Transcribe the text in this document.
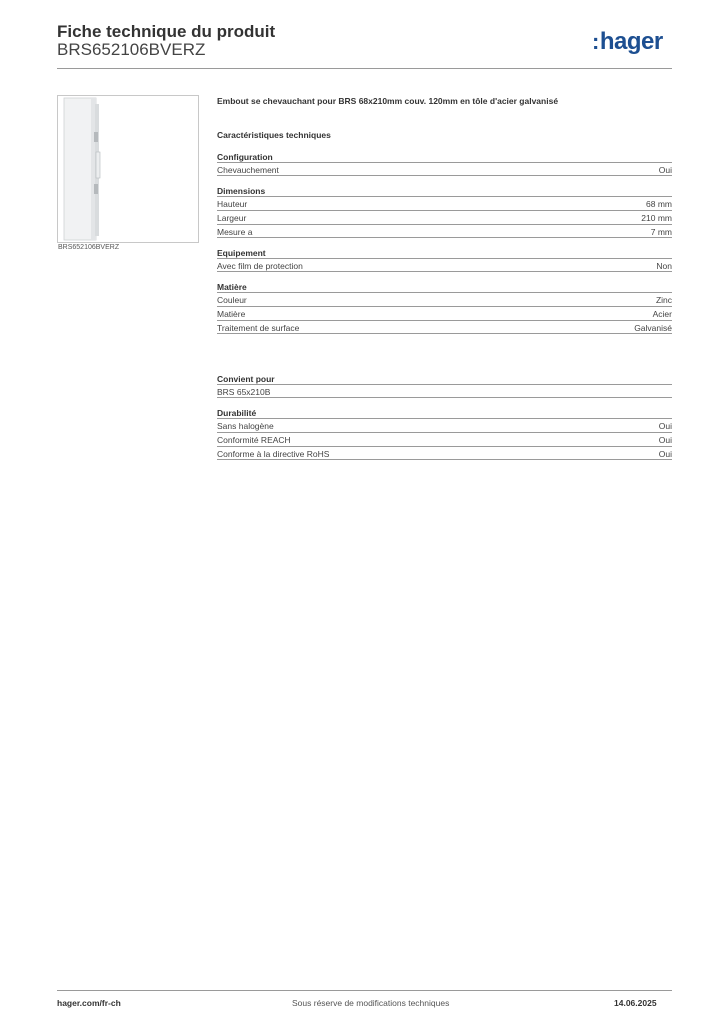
Fiche technique du produit
BRS652106BVERZ	:hager
BRS652106BVERZ
Embout se chevauchant pour BRS 68x210mm couv. 120mm en tôle d'acier galvanisé
Caractéristiques techniques
Configuration
Chevauchement	Oui
Dimensions
Hauteur	68 mm
Largeur	210 mm
Mesure a	7 mm
Equipement
Avec film de protection	Non
Matière
Couleur	Zinc
Matière	Acier
Traitement de surface	Galvanisé
Convient pour
BRS 65x210B
Durabilité
Sans halogène	Oui
Conformité REACH	Oui
Conforme à la directive RoHS	Oui
hager.com/fr-ch	Sous réserve de modifications techniques	14.06.2025
